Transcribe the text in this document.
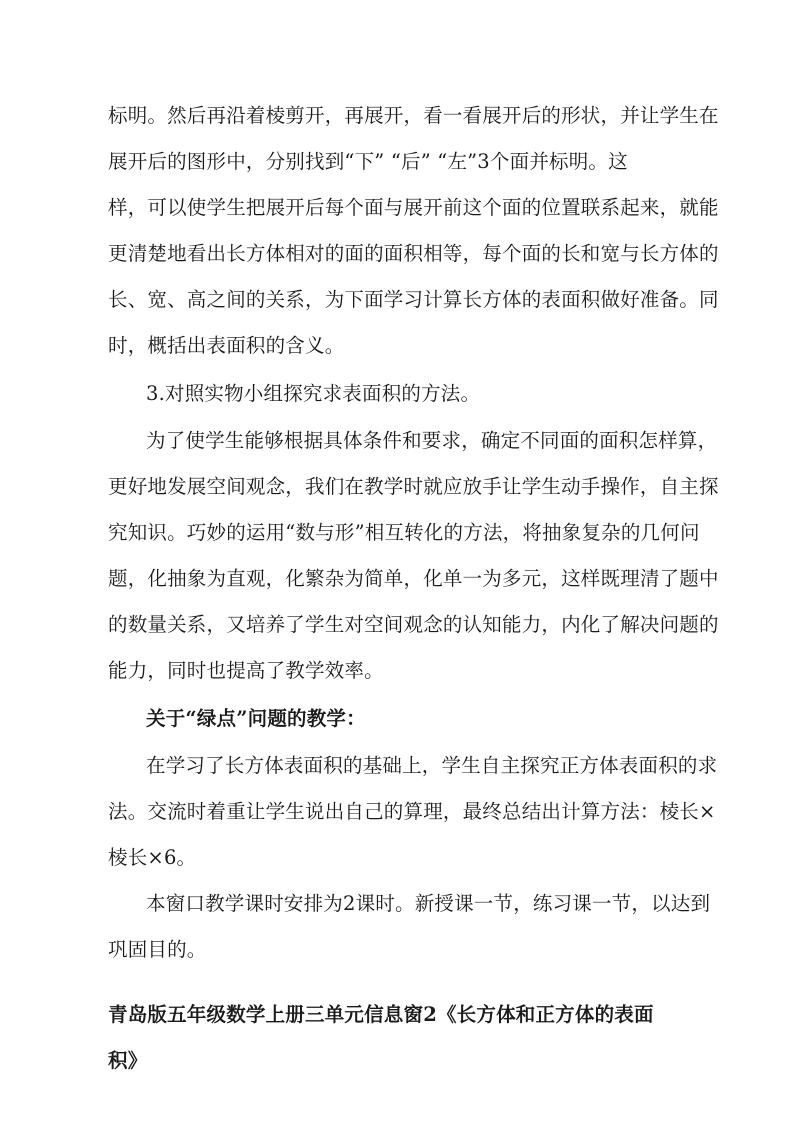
标明。然后再沿着棱剪开，再展开，看一看展开后的形状，并让学生在
展开后的图形中，分别找到“下” “后” “左”3个面并标明。这
样，可以使学生把展开后每个面与展开前这个面的位置联系起来，就能
更清楚地看出长方体相对的面的面积相等，每个面的长和宽与长方体的
长、宽、高之间的关系，为下面学习计算长方体的表面积做好准备。同
时，概括出表面积的含义。
3.对照实物小组探究求表面积的方法。
为了使学生能够根据具体条件和要求，确定不同面的面积怎样算，
更好地发展空间观念，我们在教学时就应放手让学生动手操作，自主探
究知识。巧妙的运用“数与形”相互转化的方法，将抽象复杂的几何问
题，化抽象为直观，化繁杂为简单，化单一为多元，这样既理清了题中
的数量关系，又培养了学生对空间观念的认知能力，内化了解决问题的
能力，同时也提高了教学效率。
关于“绿点”问题的教学：
在学习了长方体表面积的基础上，学生自主探究正方体表面积的求
法。交流时着重让学生说出自己的算理，最终总结出计算方法：棱长×
棱长×6。
本窗口教学课时安排为2课时。新授课一节，练习课一节，以达到
巩固目的。
青岛版五年级数学上册三单元信息窗2《长方体和正方体的表面
积》
